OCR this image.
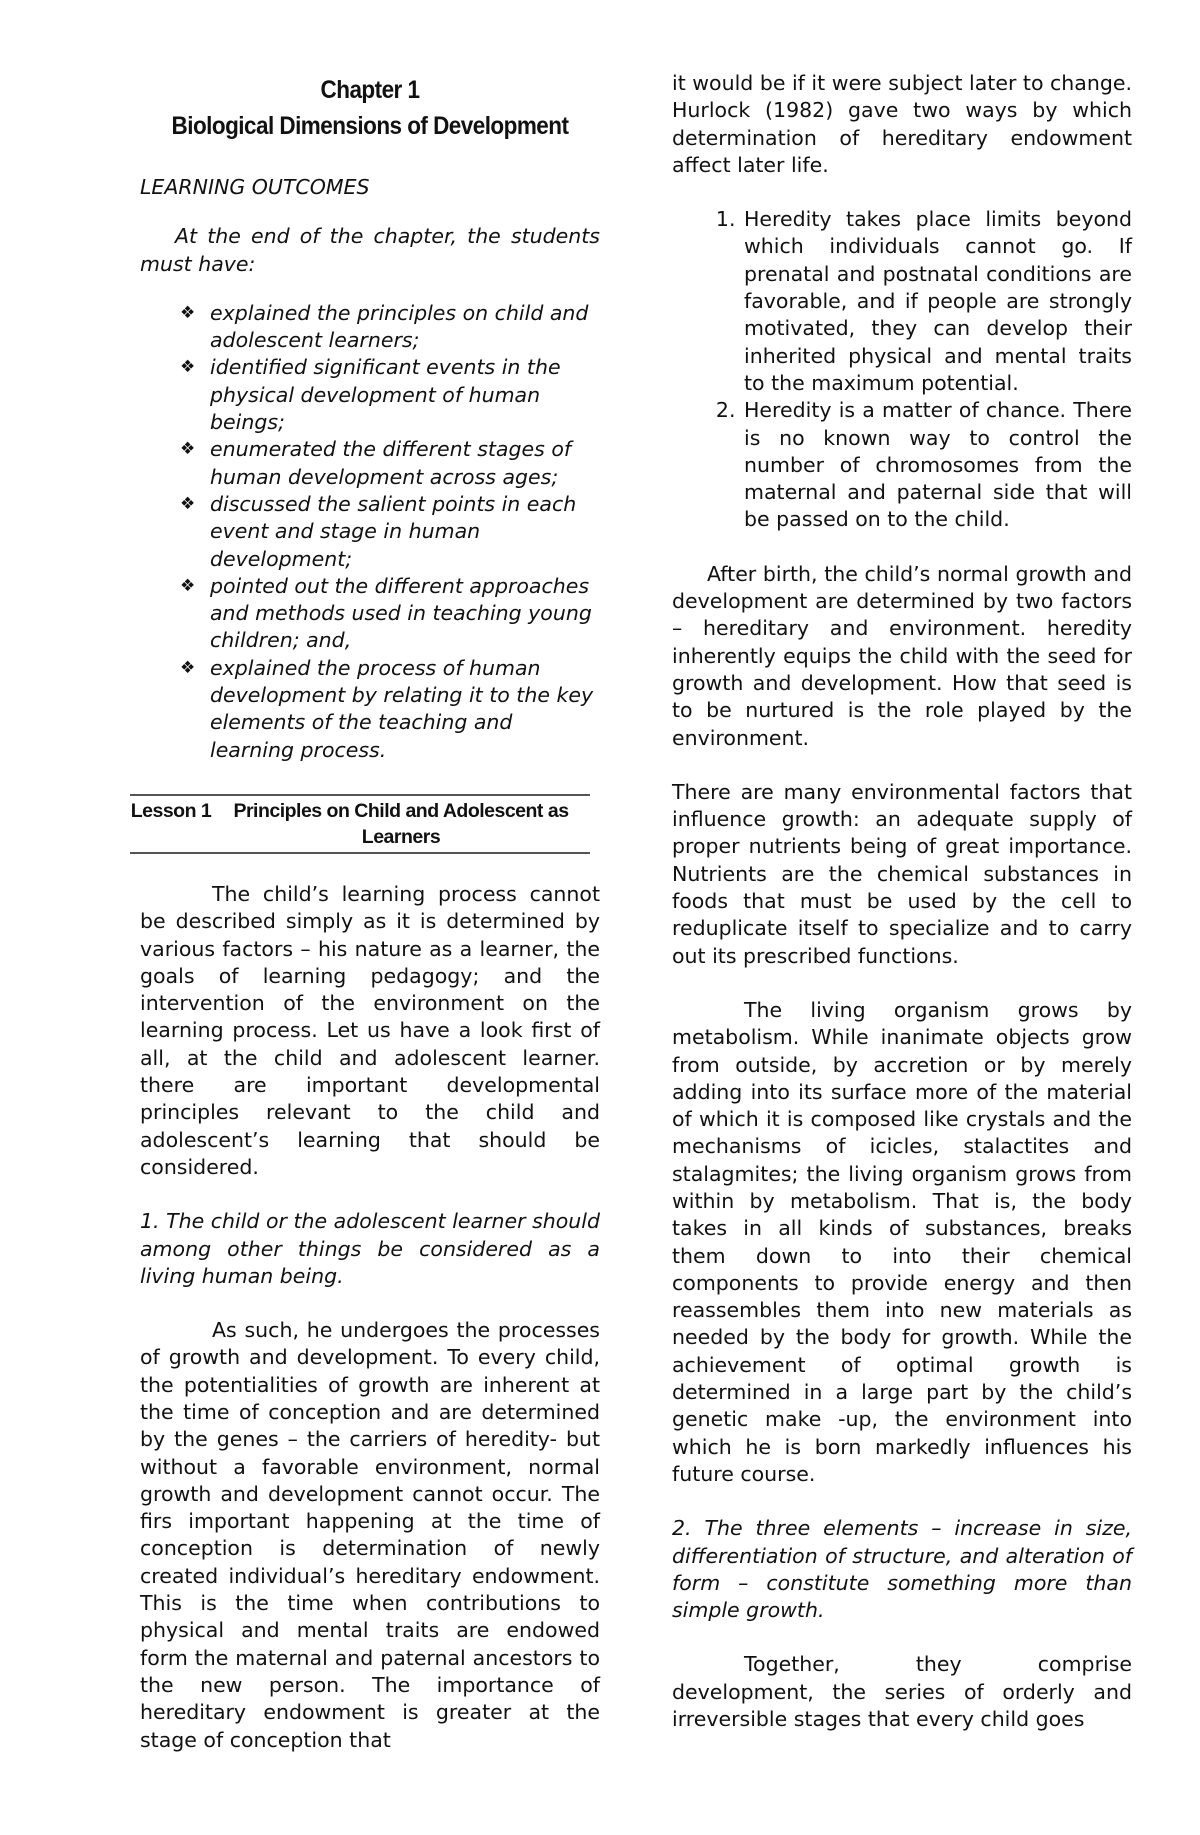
Chapter 1
Biological Dimensions of Development
LEARNING OUTCOMES
At the end of the chapter, the students must have:
❖ explained the principles on child and adolescent learners;
❖ identified significant events in the physical development of human beings;
❖ enumerated the different stages of human development across ages;
❖ discussed the salient points in each event and stage in human development;
❖ pointed out the different approaches and methods used in teaching young children; and,
❖ explained the process of human development by relating it to the key elements of the teaching and learning process.
Lesson 1	Principles on Child and Adolescent as Learners

The child’s learning process cannot be described simply as it is determined by various factors – his nature as a learner, the goals of learning pedagogy; and the intervention of the environment on the learning process. Let us have a look first of all, at the child and adolescent learner. there are important developmental principles relevant to the child and adolescent’s learning that should be considered.

1. The child or the adolescent learner should among other things be considered as a living human being.

As such, he undergoes the processes of growth and development. To every child, the potentialities of growth are inherent at the time of conception and are determined by the genes – the carriers of heredity- but without a favorable environment, normal growth and development cannot occur. The firs important happening at the time of conception is determination of newly created individual’s hereditary endowment. This is the time when contributions to physical and mental traits are endowed form the maternal and paternal ancestors to the new person. The importance of hereditary endowment is greater at the stage of conception that

it would be if it were subject later to change. Hurlock (1982) gave two ways by which determination of hereditary endowment affect later life.

1. Heredity takes place limits beyond which individuals cannot go. If prenatal and postnatal conditions are favorable, and if people are strongly motivated, they can develop their inherited physical and mental traits to the maximum potential.
2. Heredity is a matter of chance. There is no known way to control the number of chromosomes from the maternal and paternal side that will be passed on to the child.

After birth, the child’s normal growth and development are determined by two factors – hereditary and environment. heredity inherently equips the child with the seed for growth and development. How that seed is to be nurtured is the role played by the environment.

There are many environmental factors that influence growth: an adequate supply of proper nutrients being of great importance. Nutrients are the chemical substances in foods that must be used by the cell to reduplicate itself to specialize and to carry out its prescribed functions.

The living organism grows by metabolism. While inanimate objects grow from outside, by accretion or by merely adding into its surface more of the material of which it is composed like crystals and the mechanisms of icicles, stalactites and stalagmites; the living organism grows from within by metabolism. That is, the body takes in all kinds of substances, breaks them down to into their chemical components to provide energy and then reassembles them into new materials as needed by the body for growth. While the achievement of optimal growth is determined in a large part by the child’s genetic make -up, the environment into which he is born markedly influences his future course.

2. The three elements – increase in size, differentiation of structure, and alteration of form – constitute something more than simple growth.

Together, they comprise development, the series of orderly and irreversible stages that every child goes
